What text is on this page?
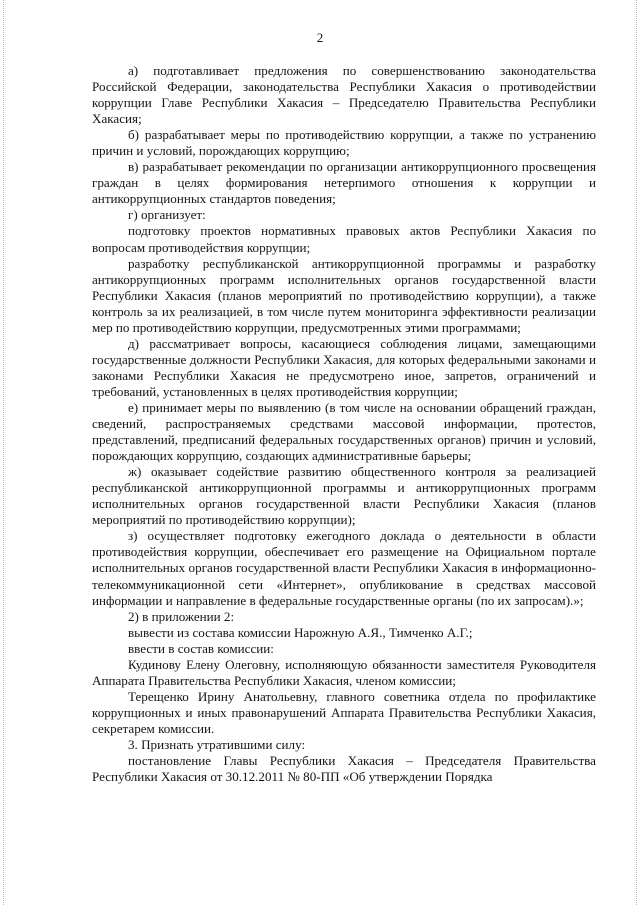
2

а) подготавливает предложения по совершенствованию законодательства Российской Федерации, законодательства Республики Хакасия о противодействии коррупции Главе Республики Хакасия – Председателю Правительства Республики Хакасия;

б) разрабатывает меры по противодействию коррупции, а также по устранению причин и условий, порождающих коррупцию;

в) разрабатывает рекомендации по организации антикоррупционного просвещения граждан в целях формирования нетерпимого отношения к коррупции и антикоррупционных стандартов поведения;

г) организует:

подготовку проектов нормативных правовых актов Республики Хакасия по вопросам противодействия коррупции;

разработку республиканской антикоррупционной программы и разработку антикоррупционных программ исполнительных органов государственной власти Республики Хакасия (планов мероприятий по противодействию коррупции), а также контроль за их реализацией, в том числе путем мониторинга эффективности реализации мер по противодействию коррупции, предусмотренных этими программами;

д) рассматривает вопросы, касающиеся соблюдения лицами, замещающими государственные должности Республики Хакасия, для которых федеральными законами и законами Республики Хакасия не предусмотрено иное, запретов, ограничений и требований, установленных в целях противодействия коррупции;

е) принимает меры по выявлению (в том числе на основании обращений граждан, сведений, распространяемых средствами массовой информации, протестов, представлений, предписаний федеральных государственных органов) причин и условий, порождающих коррупцию, создающих административные барьеры;

ж) оказывает содействие развитию общественного контроля за реализацией республиканской антикоррупционной программы и антикоррупционных программ исполнительных органов государственной власти Республики Хакасия (планов мероприятий по противодействию коррупции);

з) осуществляет подготовку ежегодного доклада о деятельности в области противодействия коррупции, обеспечивает его размещение на Официальном портале исполнительных органов государственной власти Республики Хакасия в информационно-телекоммуникационной сети «Интернет», опубликование в средствах массовой информации и направление в федеральные государственные органы (по их запросам).»;

2) в приложении 2:

вывести из состава комиссии Нарожную А.Я., Тимченко А.Г.;

ввести в состав комиссии:

Кудинову Елену Олеговну, исполняющую обязанности заместителя Руководителя Аппарата Правительства Республики Хакасия, членом комиссии;

Терещенко Ирину Анатольевну, главного советника отдела по профилактике коррупционных и иных правонарушений Аппарата Правительства Республики Хакасия, секретарем комиссии.

3. Признать утратившими силу:

постановление Главы Республики Хакасия – Председателя Правительства Республики Хакасия от 30.12.2011 № 80-ПП «Об утверждении Порядка
